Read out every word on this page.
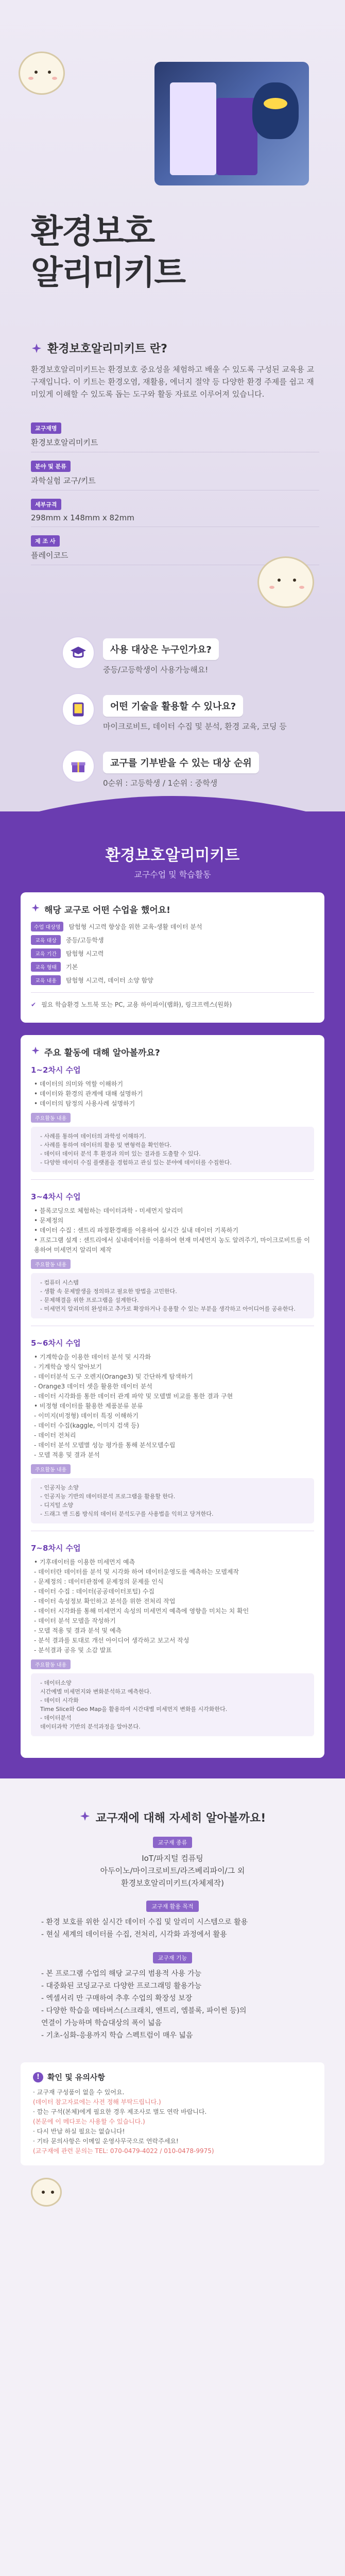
환경보호
알리미키트
환경보호알리미키트 란?

환경보호알리미키트는 환경보호 중요성을 체험하고 배울 수 있도록 구성된 교육용 교구재입니다. 이 키트는 환경오염, 재활용, 에너지 절약 등 다양한 환경 주제를 쉽고 재미있게 이해할 수 있도록 돕는 도구와 활동 자료로 이루어져 있습니다.

교구재명
환경보호알리미키트
분야 및 분류
과학실험 교구/키트
세부규격
298mm x 148mm x 82mm
제 조 사
플레이코드
사용 대상은 누구인가요?
중등/고등학생이 사용가능해요!
어떤 기술을 활용할 수 있나요?
마이크로비트, 데이터 수집 및 분석, 환경 교육, 코딩 등
교구를 기부받을 수 있는 대상 순위
0순위 : 고등학생 / 1순위 : 중학생
환경보호알리미키트
교구수업 및 학습활동
해당 교구로 어떤 수업을 했어요!
수업 대상명	탐험형 시고력 향상을 위한 교육-생활 데이터 분석
교육 대상	중등/고등학생
교육 기간	탐험형 시고력
교육 형태	기본
교육 내용	탐험형 시고력, 데이터 소양 함양
✔ 필요 학습환경 노트북 또는 PC, 교용 하이파이(랩화), 링크프렉스(원화)
주요 활동에 대해 알아볼까요?
1~2차시 수업
• 데이터의 의미와 역할 이해하기
• 데이터와 환경의 관계에 대해 설명하기
• 데이터의 탐정의 사용사례 설명하기
주요활동 내용
- 사례를 통하여 데이터의 과학성 이해하기.
- 사례를 통하여 데이터의 활용 및 변형력을 확인한다.
- 데이터 데이터 분석 후 환경과 의미 있는 결과를 도출할 수 있다.
- 다양한 데이터 수집 플랫폼을 경험하고 관심 있는 분야에 데이터를 수집한다.
3~4차시 수업
• 블록코딩으로 체험하는 데이터과학 - 미세먼지 알리미
• 문제정의
• 데이터 수집 : 센트리 파정환경패를 이용하여 실시간 실내 데이터 기록하기
• 프로그램 설계 : 센트리에서 실내데이터를 이용하여 현재 미세먼지 농도 알려주기, 마이크로비트를 이용하여 미세먼지 알리미 제작
주요활동 내용
- 컴퓨터 시스템
- 생활 속 문제발생을 정의하고 필요한 방법을 고민한다.
- 문제해결을 위한 프로그램을 설계한다.
- 미세먼지 알리미의 완성하고 추가로 확장하거나 응용할 수 있는 부분을 생각하고 아이디어를 공유한다.
5~6차시 수업
• 기계학습을 이용한 데이터 분석 및 시각화
- 기계학습 방식 알아보기
- 데이터분석 도구 오렌지(Orange3) 및 간단하게 탐색하기
- Orange3 데이터 셋을 활용한 데이터 분석
- 데이터 시각화를 통한 데이터 관계 파악 및 모델별 비교를 통한 결과 구현
• 비정형 데이터를 활용한 제품분류 분류
- 이미지(비정형) 데이터 특징 이해하기
- 데이터 수집(kaggle, 이미지 검색 등)
- 데이터 전처리
- 데이터 분석 모델별 성능 평가를 통해 분석모델수립
- 모델 적용 및 결과 분석
주요활동 내용
- 인공지능 소양
- 인공지능 기반의 데이터분석 프로그램을 활용할 한다.
- 디지털 소양
- 드래그 앤 드롭 방식의 데이터 분석도구를 사용법을 익히고 당겨한다.
7~8차시 수업
• 기후데이터를 이용한 미세먼지 예측
- 데이터란 데이터를 분석 및 시각화 하여 데이터운영도를 예측하는 모델제작
- 문제정의 : 데이터관점에 문제정의 문제를 인식
- 데이터 수집 : 데이터(공공데이터포털) 수집
- 데이터 속성정보 확인하고 분석을 위한 전처리 작업
- 데이터 시각화를 통해 미세먼지 속성의 미세먼지 예측에 영향을 미치는 치 확인
- 데이터 분석 모델을 작성하기
- 모델 적용 및 결과 분석 및 예측
- 분석 결과를 토대로 개선 아이디어 생각하고 보고서 작성
- 분석결과 공유 및 소감 발표
주요활동 내용
- 데이터소양
시간예별 미세먼지와 변화분석하고 예측한다.
- 데이터 시각화
Time Slice와 Geo Map을 활용하여 시간대별 미세먼지 변화를 시각화한다.
- 데이터분석
데이터과학 기반의 분석과정을 알아본다.
교구재에 대해 자세히 알아볼까요!
교구재 종류
IoT/파지털 컴퓨팅
아두이노/마이크로비트/라즈베리파이/그 외
환경보호알리미키트(자체제작)
교구재 활용 목적
- 환경 보호를 위한 실시간 데이터 수집 및 알리미 시스템으로 활용
- 현실 세계의 데이터를 수집, 전처리, 시각화 과정에서 활용
교구재 기능
- 본 프로그램 수업의 해당 교구의 범용적 사용 가능
- 대중화된 코딩교구로 다양한 프로그래밍 활용가능
- 엑셀서리 만 구매하여 추후 수업의 확장성 보장
- 다양한 학습을 메타버스(스크래치, 엔트리, 엠블록, 파이썬 등)의
연결이 가능하며 학습대상의 폭이 넓음
- 기초-심화-응용까지 학습 스펙트럼이 매우 넓음
!	확인 및 유의사항
· 교구재 구성품이 없을 수 있어요.
(데이터 참고자료에는 사전 정해 부탁드립니다.)
· 깜는 구석(본체)에게 필요한 경우 제조사로 별도 연락 바랍니다.
(본문에 이 메다포는 사용할 수 있습니다.)
· 다시 반납 하실 필요는 없습니다!
· 기타 문의사항은 이메일 운영사무국으로 연락주세요!
(교구재에 관련 문의는 TEL: 070-0479-4022 / 010-0478-9975)
